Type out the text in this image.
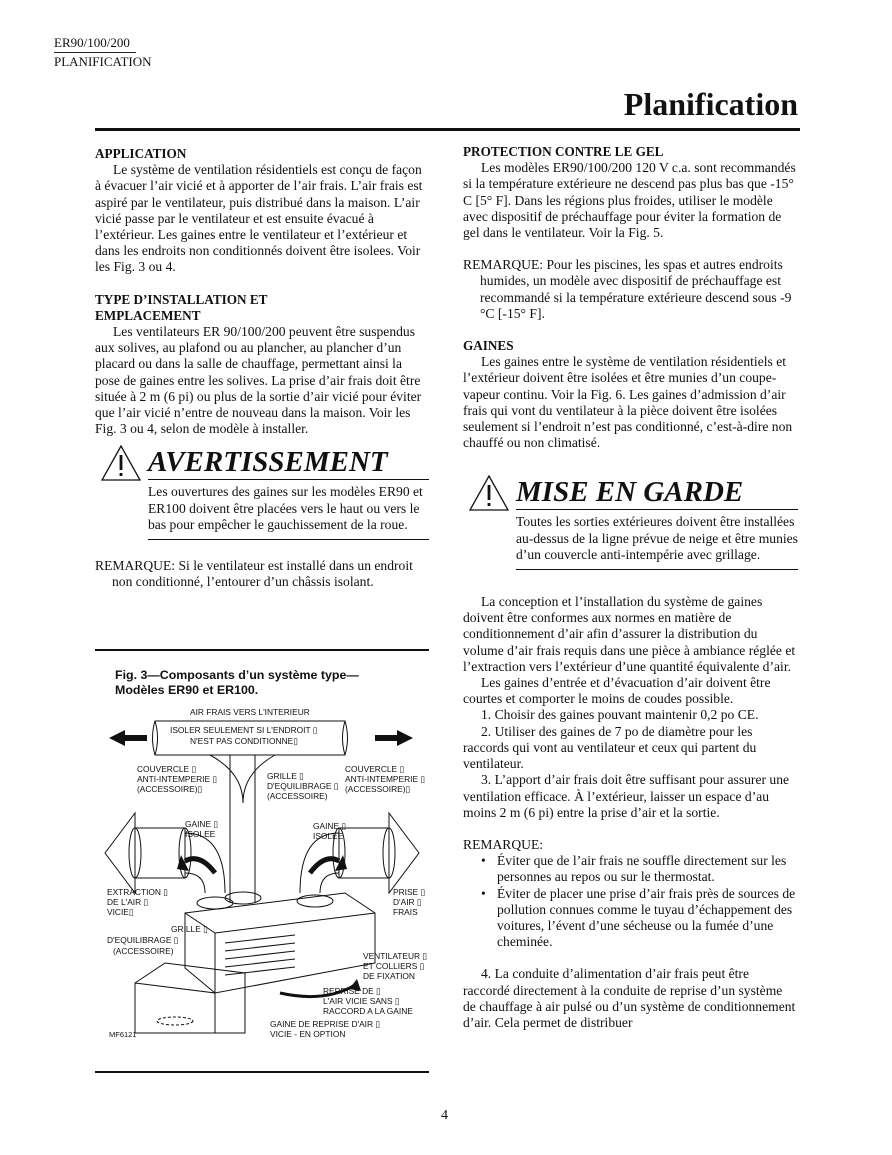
ER90/100/200
PLANIFICATION
Planification
APPLICATION

Le système de ventilation résidentiels est conçu de façon à évacuer l’air vicié et à apporter de l’air frais. L’air frais est aspiré par le ventilateur, puis distribué dans la maison. L’air vicié passe par le ventilateur et est ensuite évacué à l’extérieur. Les gaines entre le ventilateur et l’extérieur et dans les endroits non conditionnés doivent être isolees. Voir les Fig. 3 ou 4.

TYPE D’INSTALLATION ET
EMPLACEMENT

Les ventilateurs ER 90/100/200 peuvent être suspendus aux solives, au plafond ou au plancher, au plancher d’un placard ou dans la salle de chauffage, permettant ainsi la pose de gaines entre les solives. La prise d’air frais doit être située à 2 m (6 pi) ou plus de la sortie d’air vicié pour éviter que l’air vicié n’entre de nouveau dans la maison. Voir les Fig. 3 ou 4, selon de modèle à installer.

AVERTISSEMENT
Les ouvertures des gaines sur les modèles ER90 et ER100 doivent être placées vers le haut ou vers le bas pour empêcher le gauchissement de la roue.

REMARQUE: Si le ventilateur est installé dans un endroit non conditionné, l’entourer d’un châssis isolant.

Fig. 3—Composants d’un système type—
Modèles ER90 et ER100.
AIR FRAIS VERS L'INTERIEUR
ISOLER SEULEMENT SI L'ENDROIT ▯
N'EST PAS CONDITIONNE▯
COUVERCLE ▯
ANTI-INTEMPERIE ▯
(ACCESSOIRE)▯
GRILLE ▯
D'EQUILIBRAGE ▯
(ACCESSOIRE)
COUVERCLE ▯
ANTI-INTEMPERIE ▯
(ACCESSOIRE)▯
GAINE ▯
ISOLEE
GAINE ▯
ISOLEE
EXTRACTION ▯
DE L'AIR ▯
VICIE▯
PRISE ▯
D'AIR ▯
FRAIS
GRILLE ▯
D'EQUILIBRAGE ▯
(ACCESSOIRE)	VENTILATEUR ▯
ET COLLIERS ▯
DE FIXATION
REPRISE DE ▯
L'AIR VICIE SANS ▯
RACCORD A LA GAINE
GAINE DE REPRISE D'AIR ▯
VICIE - EN OPTION
MF6121
PROTECTION CONTRE LE GEL

Les modèles ER90/100/200 120 V c.a. sont recommandés si la température extérieure ne descend pas plus bas que -15° C [5° F]. Dans les régions plus froides, utiliser le modèle avec dispositif de préchauffage pour éviter la formation de gel dans le ventilateur. Voir la Fig. 5.

REMARQUE: Pour les piscines, les spas et autres endroits humides, un modèle avec dispositif de préchauffage est recommandé si la température extérieure descend sous -9 °C [-15° F].

GAINES

Les gaines entre le système de ventilation résidentiels et l’extérieur doivent être isolées et être munies d’un coupe-vapeur continu. Voir la Fig. 6. Les gaines d’admission d’air frais qui vont du ventilateur à la pièce doivent être isolées seulement si l’endroit n’est pas conditionné, c’est-à-dire non chauffé ou non climatisé.

MISE EN GARDE
Toutes les sorties extérieures doivent être installées au-dessus de la ligne prévue de neige et être munies d’un couvercle anti-intempérie avec grillage.

La conception et l’installation du système de gaines doivent être conformes aux normes en matière de conditionnement d’air afin d’assurer la distribution du volume d’air frais requis dans une pièce à ambiance réglée et l’extraction vers l’extérieur d’une quantité équivalente d’air.

Les gaines d’entrée et d’évacuation d’air doivent être courtes et comporter le moins de coudes possible.

1. Choisir des gaines pouvant maintenir 0,2 po CE.

2. Utiliser des gaines de 7 po de diamètre pour les raccords qui vont au ventilateur et ceux qui partent du ventilateur.

3. L’apport d’air frais doit être suffisant pour assurer une ventilation efficace. À l’extérieur, laisser un espace d’au moins 2 m (6 pi) entre la prise d’air et la sortie.

REMARQUE:

• Éviter que de l’air frais ne souffle directement sur les personnes au repos ou sur le thermostat.
• Éviter de placer une prise d’air frais près de sources de pollution connues comme le tuyau d’échappement des voitures, l’évent d’une sécheuse ou la fumée d’une cheminée.

4. La conduite d’alimentation d’air frais peut être raccordé directement à la conduite de reprise d’un système de chauffage à air pulsé ou d’un système de conditionnement d’air. Cela permet de distribuer

4
